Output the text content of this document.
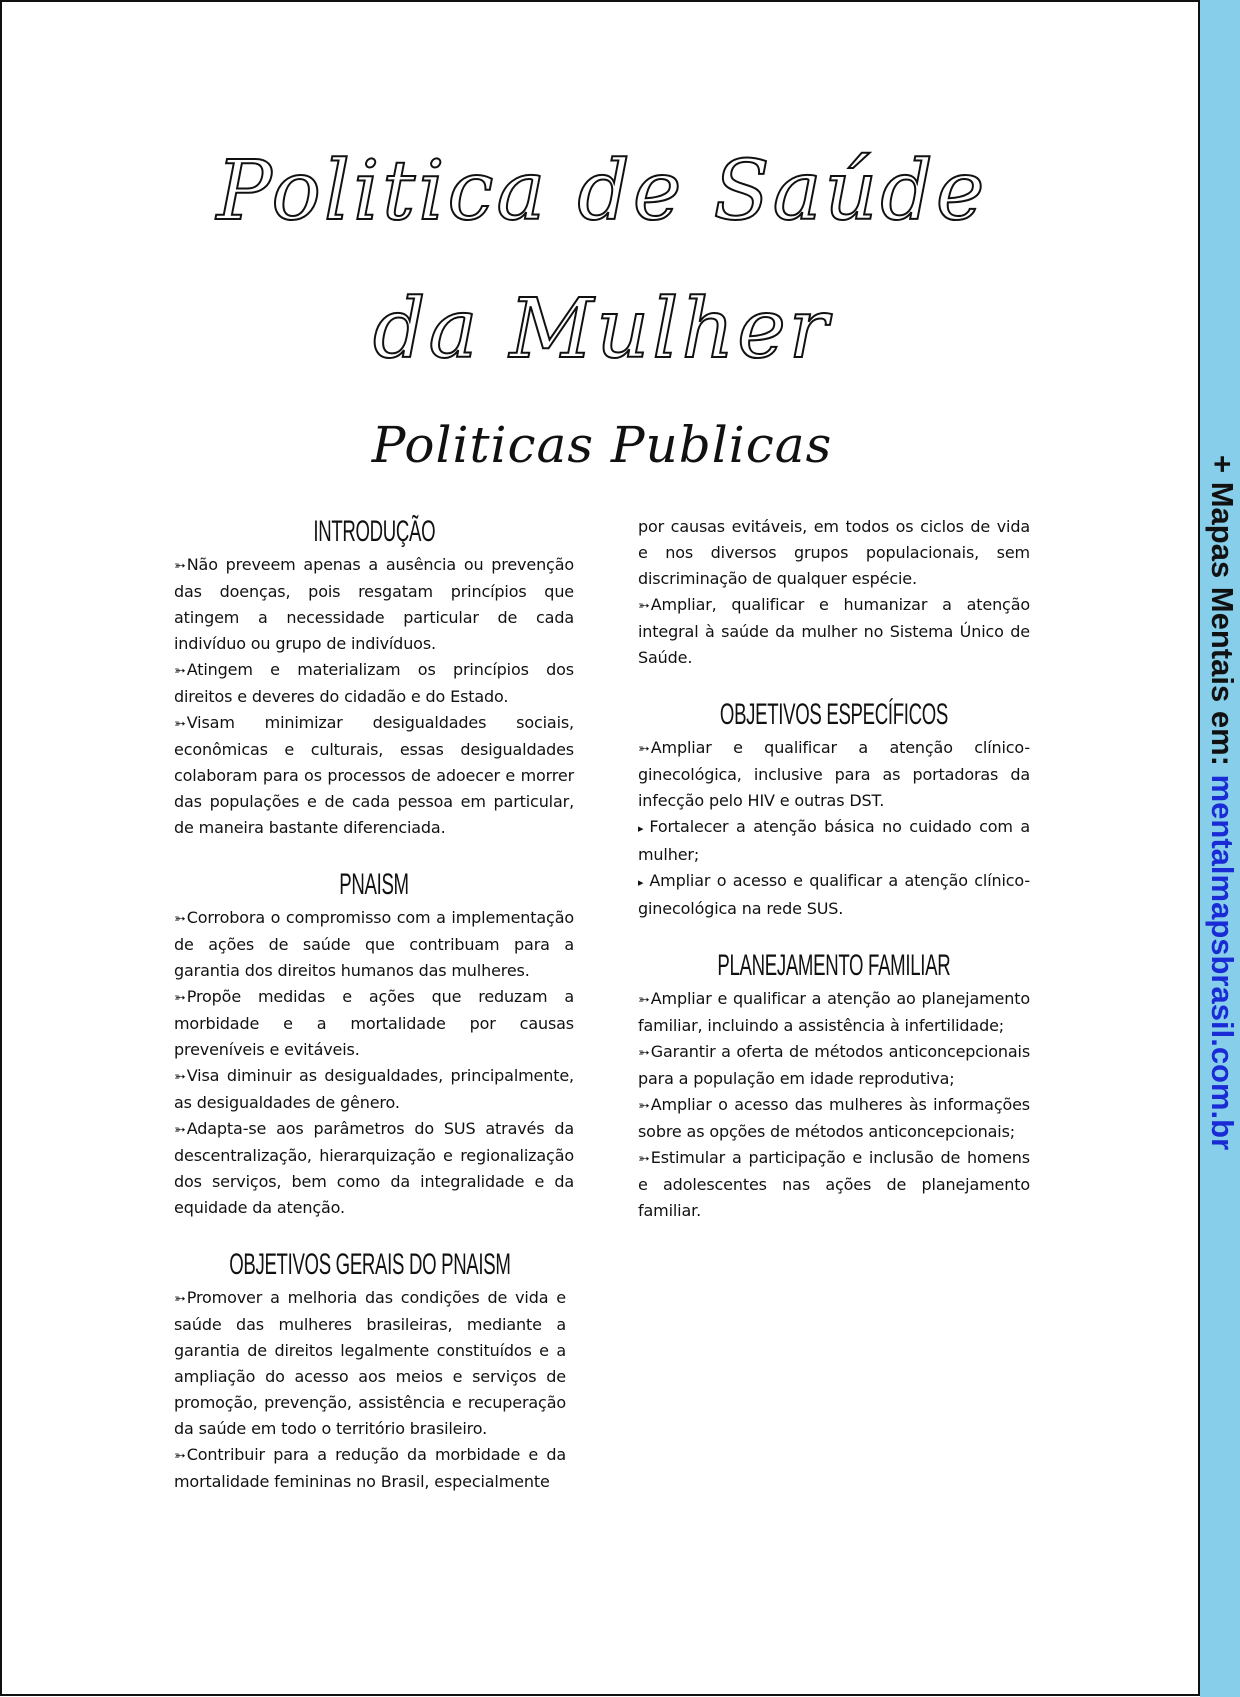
Politica de Saúde
da Mulher
Politicas Publicas
INTRODUÇÃO

➳ Não preveem apenas a ausência ou prevenção das doenças, pois resgatam princípios que atingem a necessidade particular de cada indivíduo ou grupo de indivíduos.

➳ Atingem e materializam os princípios dos direitos e deveres do cidadão e do Estado.

➳ Visam minimizar desigualdades sociais, econômicas e culturais, essas desigualdades colaboram para os processos de adoecer e morrer das populações e de cada pessoa em particular, de maneira bastante diferenciada.

PNAISM

➳ Corrobora o compromisso com a implementação de ações de saúde que contribuam para a garantia dos direitos humanos das mulheres.

➳ Propõe medidas e ações que reduzam a morbidade e a mortalidade por causas preveníveis e evitáveis.

➳ Visa diminuir as desigualdades, principalmente, as desigualdades de gênero.

➳ Adapta-se aos parâmetros do SUS através da descentralização, hierarquização e regionalização dos serviços, bem como da integralidade e da equidade da atenção.

OBJETIVOS GERAIS DO PNAISM

➳ Promover a melhoria das condições de vida e saúde das mulheres brasileiras, mediante a garantia de direitos legalmente constituídos e a ampliação do acesso aos meios e serviços de promoção, prevenção, assistência e recuperação da saúde em todo o território brasileiro.

➳ Contribuir para a redução da morbidade e da mortalidade femininas no Brasil, especialmente

por causas evitáveis, em todos os ciclos de vida e nos diversos grupos populacionais, sem discriminação de qualquer espécie.

➳ Ampliar, qualificar e humanizar a atenção integral à saúde da mulher no Sistema Único de Saúde.

OBJETIVOS ESPECÍFICOS

➳ Ampliar e qualificar a atenção clínico-ginecológica, inclusive para as portadoras da infecção pelo HIV e outras DST.

▸ Fortalecer a atenção básica no cuidado com a mulher;

▸ Ampliar o acesso e qualificar a atenção clínico-ginecológica na rede SUS.

PLANEJAMENTO FAMILIAR

➳ Ampliar e qualificar a atenção ao planejamento familiar, incluindo a assistência à infertilidade;

➳ Garantir a oferta de métodos anticoncepcionais para a população em idade reprodutiva;

➳ Ampliar o acesso das mulheres às informações sobre as opções de métodos anticoncepcionais;

➳ Estimular a participação e inclusão de homens e adolescentes nas ações de planejamento familiar.

+ Mapas Mentais em: mentalmapsbrasil.com.br
